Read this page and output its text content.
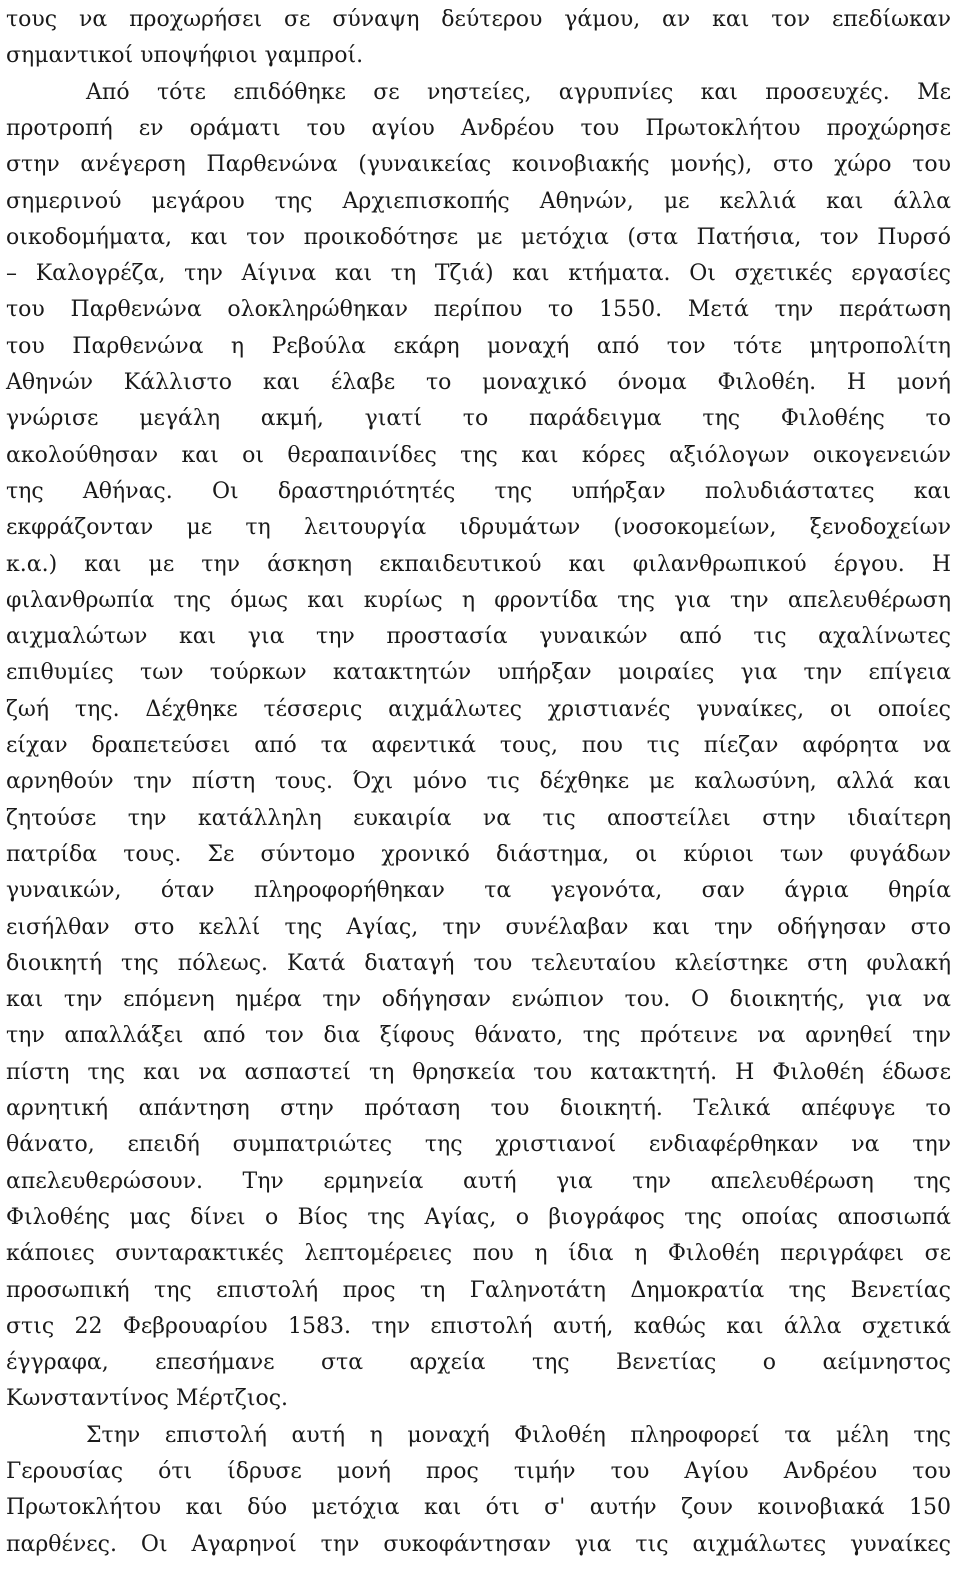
τους να προχωρήσει σε σύναψη δεύτερου γάμου, αν και τον επεδίωκαν

σημαντικοί υποψήφιοι γαμπροί.

Από τότε επιδόθηκε σε νηστείες, αγρυπνίες και προσευχές. Με

προτροπή εν οράματι του αγίου Ανδρέου του Πρωτοκλήτου προχώρησε

στην ανέγερση Παρθενώνα (γυναικείας κοινοβιακής μονής), στο χώρο του

σημερινού μεγάρου της Αρχιεπισκοπής Αθηνών, με κελλιά και άλλα

οικοδομήματα, και τον προικοδότησε με μετόχια (στα Πατήσια, τον Πυρσό

– Καλογρέζα, την Αίγινα και τη Τζιά) και κτήματα. Οι σχετικές εργασίες

του Παρθενώνα ολοκληρώθηκαν περίπου το 1550. Μετά την περάτωση

του Παρθενώνα η Ρεβούλα εκάρη μοναχή από τον τότε μητροπολίτη

Αθηνών Κάλλιστο και έλαβε το μοναχικό όνομα Φιλοθέη. Η μονή

γνώρισε μεγάλη ακμή, γιατί το παράδειγμα της Φιλοθέης το

ακολούθησαν και οι θεραπαινίδες της και κόρες αξιόλογων οικογενειών

της Αθήνας. Οι δραστηριότητές της υπήρξαν πολυδιάστατες και

εκφράζονταν με τη λειτουργία ιδρυμάτων (νοσοκομείων, ξενοδοχείων

κ.α.) και με την άσκηση εκπαιδευτικού και φιλανθρωπικού έργου. Η

φιλανθρωπία της όμως και κυρίως η φροντίδα της για την απελευθέρωση

αιχμαλώτων και για την προστασία γυναικών από τις αχαλίνωτες

επιθυμίες των τούρκων κατακτητών υπήρξαν μοιραίες για την επίγεια

ζωή της. Δέχθηκε τέσσερις αιχμάλωτες χριστιανές γυναίκες, οι οποίες

είχαν δραπετεύσει από τα αφεντικά τους, που τις πίεζαν αφόρητα να

αρνηθούν την πίστη τους. Όχι μόνο τις δέχθηκε με καλωσύνη, αλλά και

ζητούσε την κατάλληλη ευκαιρία να τις αποστείλει στην ιδιαίτερη

πατρίδα τους. Σε σύντομο χρονικό διάστημα, οι κύριοι των φυγάδων

γυναικών, όταν πληροφορήθηκαν τα γεγονότα, σαν άγρια θηρία

εισήλθαν στο κελλί της Αγίας, την συνέλαβαν και την οδήγησαν στο

διοικητή της πόλεως. Κατά διαταγή του τελευταίου κλείστηκε στη φυλακή

και την επόμενη ημέρα την οδήγησαν ενώπιον του. Ο διοικητής, για να

την απαλλάξει από τον δια ξίφους θάνατο, της πρότεινε να αρνηθεί την

πίστη της και να ασπαστεί τη θρησκεία του κατακτητή. Η Φιλοθέη έδωσε

αρνητική απάντηση στην πρόταση του διοικητή. Τελικά απέφυγε το

θάνατο, επειδή συμπατριώτες της χριστιανοί ενδιαφέρθηκαν να την

απελευθερώσουν. Την ερμηνεία αυτή για την απελευθέρωση της

Φιλοθέης μας δίνει ο Βίος της Αγίας, ο βιογράφος της οποίας αποσιωπά

κάποιες συνταρακτικές λεπτομέρειες που η ίδια η Φιλοθέη περιγράφει σε

προσωπική της επιστολή προς τη Γαληνοτάτη Δημοκρατία της Βενετίας

στις 22 Φεβρουαρίου 1583. την επιστολή αυτή, καθώς και άλλα σχετικά

έγγραφα, επεσήμανε στα αρχεία της Βενετίας ο αείμνηστος

Κωνσταντίνος Μέρτζιος.

Στην επιστολή αυτή η μοναχή Φιλοθέη πληροφορεί τα μέλη της

Γερουσίας ότι ίδρυσε μονή προς τιμήν του Αγίου Ανδρέου του

Πρωτοκλήτου και δύο μετόχια και ότι σ' αυτήν ζουν κοινοβιακά 150

παρθένες. Οι Αγαρηνοί την συκοφάντησαν για τις αιχμάλωτες γυναίκες
